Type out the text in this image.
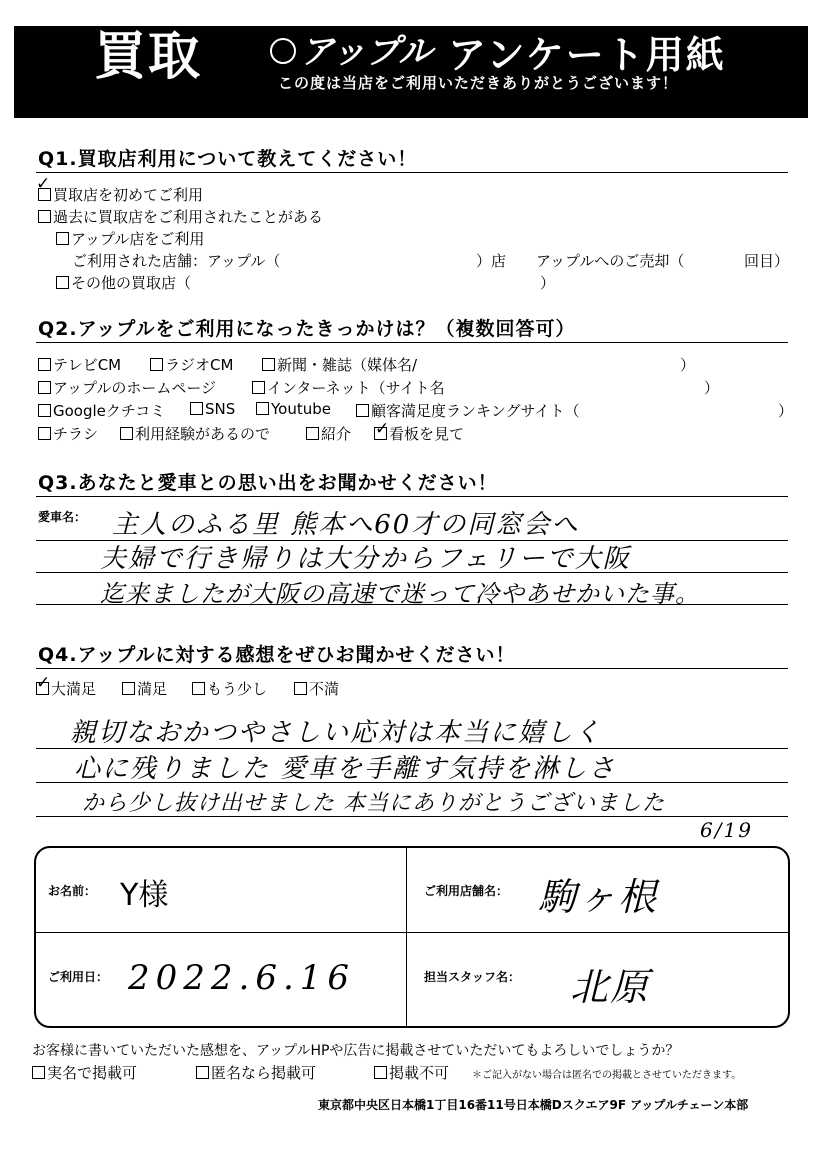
買取	アップル アンケート用紙
この度は当店をご利用いただきありがとうございます！
Q1.買取店利用について教えてください！
買取店を初めてご利用
✓
過去に買取店をご利用されたことがある
アップル店をご利用
ご利用された店舗：アップル（	）店 アップルへのご売却（	回目）
その他の買取店（	）
Q2.アップルをご利用になったきっかけは？（複数回答可）
テレビCM	ラジオCM	新聞・雑誌（媒体名/	）
アップルのホームページ	インターネット（サイト名	）
Googleクチコミ	SNS	Youtube	顧客満足度ランキングサイト（	）
チラシ	利用経験があるので	紹介	看板を見て
✓
Q3.あなたと愛車との思い出をお聞かせください！
愛車名： 主人のふる里 熊本へ60才の同窓会へ
夫婦で行き帰りは大分からフェリーで大阪
迄来ましたが大阪の高速で迷って冷やあせかいた事。
Q4.アップルに対する感想をぜひお聞かせください！
大満足
✓	満足	もう少し	不満
親切なおかつやさしい応対は本当に嬉しく
心に残りました 愛車を手離す気持を淋しさ
から少し抜け出せました 本当にありがとうございました
6/19
お名前： Y様	ご利用店舗名： 駒ヶ根
ご利用日： 2022.6.16	担当スタッフ名： 北原
お客様に書いていただいた感想を、アップルHPや広告に掲載させていただいてもよろしいでしょうか？
実名で掲載可	匿名なら掲載可	掲載不可 ＊ご記入がない場合は匿名での掲載とさせていただきます。
東京都中央区日本橋1丁目16番11号日本橋Dスクエア9F アップルチェーン本部
